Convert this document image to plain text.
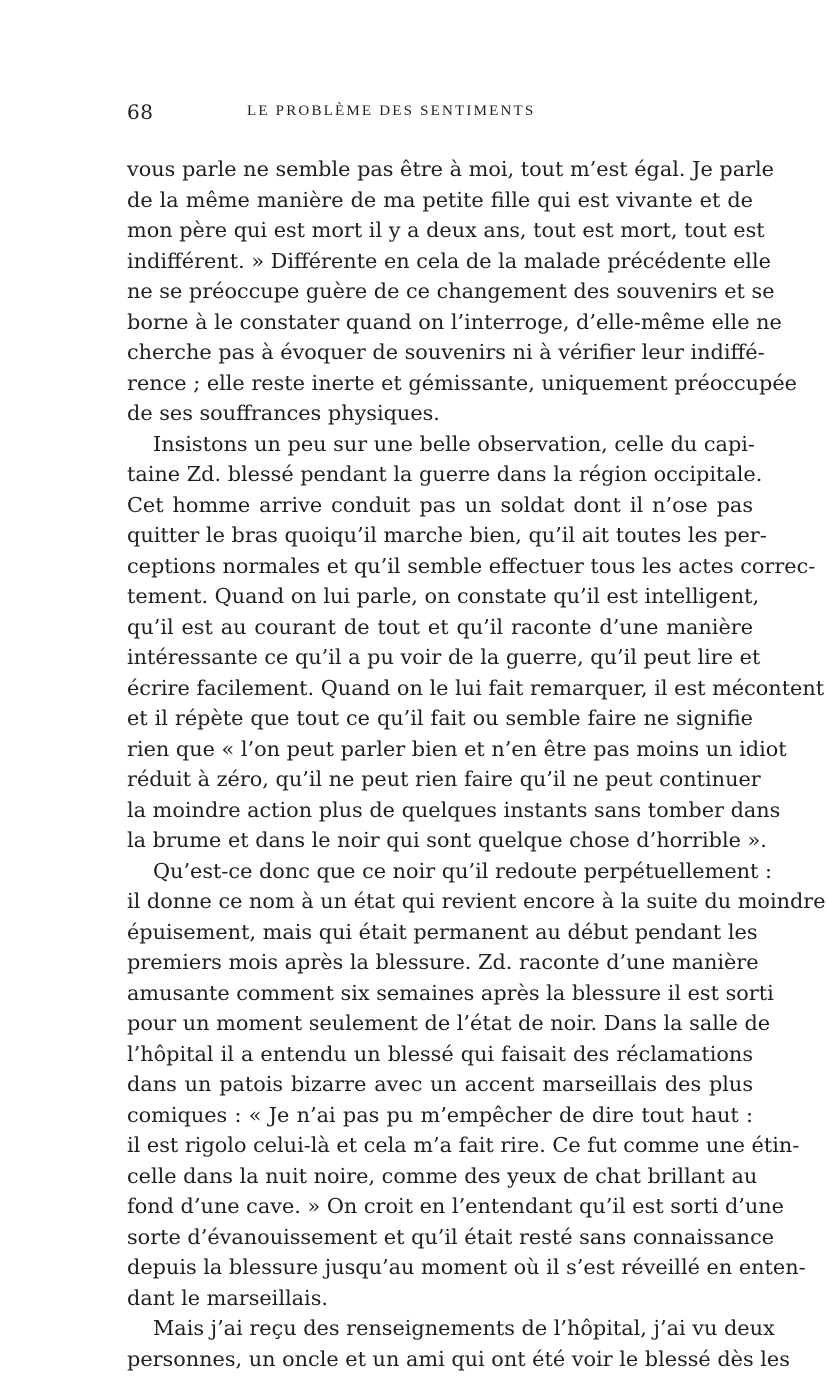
68	LE PROBLÈME DES SENTIMENTS
vous parle ne semble pas être à moi, tout m’est égal. Je parle
de la même manière de ma petite fille qui est vivante et de
mon père qui est mort il y a deux ans, tout est mort, tout est
indifférent. » Différente en cela de la malade précédente elle
ne se préoccupe guère de ce changement des souvenirs et se
borne à le constater quand on l’interroge, d’elle-même elle ne
cherche pas à évoquer de souvenirs ni à vérifier leur indiffé-
rence ; elle reste inerte et gémissante, uniquement préoccupée
de ses souffrances physiques.
Insistons un peu sur une belle observation, celle du capi-
taine Zd. blessé pendant la guerre dans la région occipitale.
Cet homme arrive conduit pas un soldat dont il n’ose pas
quitter le bras quoiqu’il marche bien, qu’il ait toutes les per-
ceptions normales et qu’il semble effectuer tous les actes correc-
tement. Quand on lui parle, on constate qu’il est intelligent,
qu’il est au courant de tout et qu’il raconte d’une manière
intéressante ce qu’il a pu voir de la guerre, qu’il peut lire et
écrire facilement. Quand on le lui fait remarquer, il est mécontent
et il répète que tout ce qu’il fait ou semble faire ne signifie
rien que « l’on peut parler bien et n’en être pas moins un idiot
réduit à zéro, qu’il ne peut rien faire qu’il ne peut continuer
la moindre action plus de quelques instants sans tomber dans
la brume et dans le noir qui sont quelque chose d’horrible ».
Qu’est-ce donc que ce noir qu’il redoute perpétuellement :
il donne ce nom à un état qui revient encore à la suite du moindre
épuisement, mais qui était permanent au début pendant les
premiers mois après la blessure. Zd. raconte d’une manière
amusante comment six semaines après la blessure il est sorti
pour un moment seulement de l’état de noir. Dans la salle de
l’hôpital il a entendu un blessé qui faisait des réclamations
dans un patois bizarre avec un accent marseillais des plus
comiques : « Je n’ai pas pu m’empêcher de dire tout haut :
il est rigolo celui-là et cela m’a fait rire. Ce fut comme une étin-
celle dans la nuit noire, comme des yeux de chat brillant au
fond d’une cave. » On croit en l’entendant qu’il est sorti d’une
sorte d’évanouissement et qu’il était resté sans connaissance
depuis la blessure jusqu’au moment où il s’est réveillé en enten-
dant le marseillais.
Mais j’ai reçu des renseignements de l’hôpital, j’ai vu deux
personnes, un oncle et un ami qui ont été voir le blessé dès les
